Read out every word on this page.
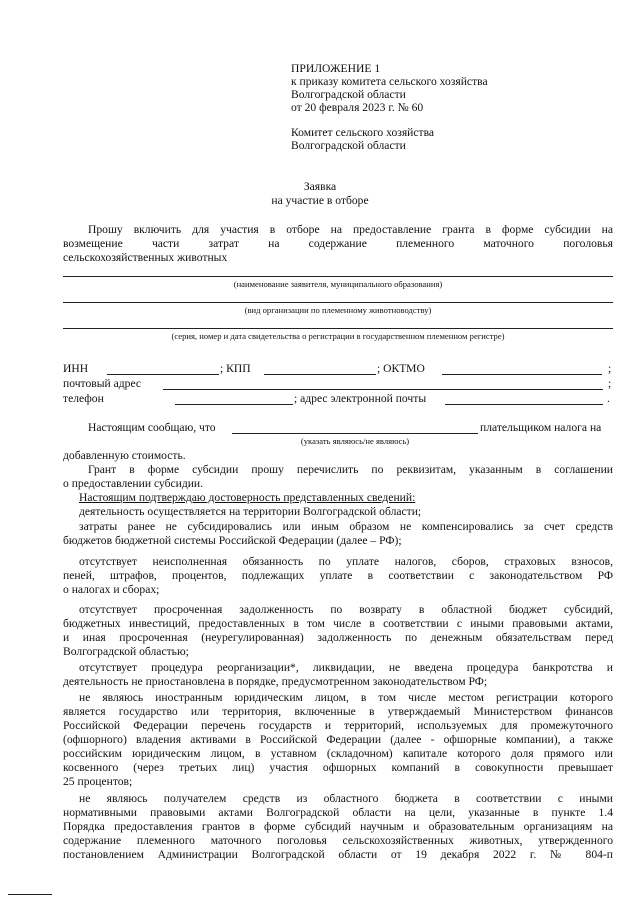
ПРИЛОЖЕНИЕ 1
к приказу комитета сельского хозяйства
Волгоградской области
от 20 февраля 2023 г. № 60
Комитет сельского хозяйства
Волгоградской области
Заявка
на участие в отборе
Прошу включить для участия в отборе на предоставление гранта в форме субсидии на
возмещение части затрат на содержание племенного маточного поголовья
сельскохозяйственных животных
(наименование заявителя, муниципального образования)
(вид организации по племенному животноводству)
(серия, номер и дата свидетельства о регистрации в государственном племенном регистре)
ИНН	; КПП	; ОКТМО	;
почтовый адрес	;
телефон	; адрес электронной почты	.
Настоящим сообщаю, что	плательщиком налога на
(указать являюсь/не являюсь)
добавленную стоимость.
Грант в форме субсидии прошу перечислить по реквизитам, указанным в соглашении
о предоставлении субсидии.
Настоящим подтверждаю достоверность представленных сведений:
деятельность осуществляется на территории Волгоградской области;
затраты ранее не субсидировались или иным образом не компенсировались за счет средств
бюджетов бюджетной системы Российской Федерации (далее – РФ);
отсутствует неисполненная обязанность по уплате налогов, сборов, страховых взносов,
пеней, штрафов, процентов, подлежащих уплате в соответствии с законодательством РФ
о налогах и сборах;
отсутствует просроченная задолженность по возврату в областной бюджет субсидий,
бюджетных инвестиций, предоставленных в том числе в соответствии с иными правовыми актами,
и иная просроченная (неурегулированная) задолженность по денежным обязательствам перед
Волгоградской областью;
отсутствует процедура реорганизации*, ликвидации, не введена процедура банкротства и
деятельность не приостановлена в порядке, предусмотренном законодательством РФ;
не являюсь иностранным юридическим лицом, в том числе местом регистрации которого
является государство или территория, включенные в утверждаемый Министерством финансов
Российской Федерации перечень государств и территорий, используемых для промежуточного
(офшорного) владения активами в Российской Федерации (далее - офшорные компании), а также
российским юридическим лицом, в уставном (складочном) капитале которого доля прямого или
косвенного (через третьих лиц) участия офшорных компаний в совокупности превышает
25 процентов;
не являюсь получателем средств из областного бюджета в соответствии с иными
нормативными правовыми актами Волгоградской области на цели, указанные в пункте 1.4
Порядка предоставления грантов в форме субсидий научным и образовательным организациям на
содержание племенного маточного поголовья сельскохозяйственных животных, утвержденного
постановлением Администрации Волгоградской области от 19 декабря 2022 г. № 804-п
